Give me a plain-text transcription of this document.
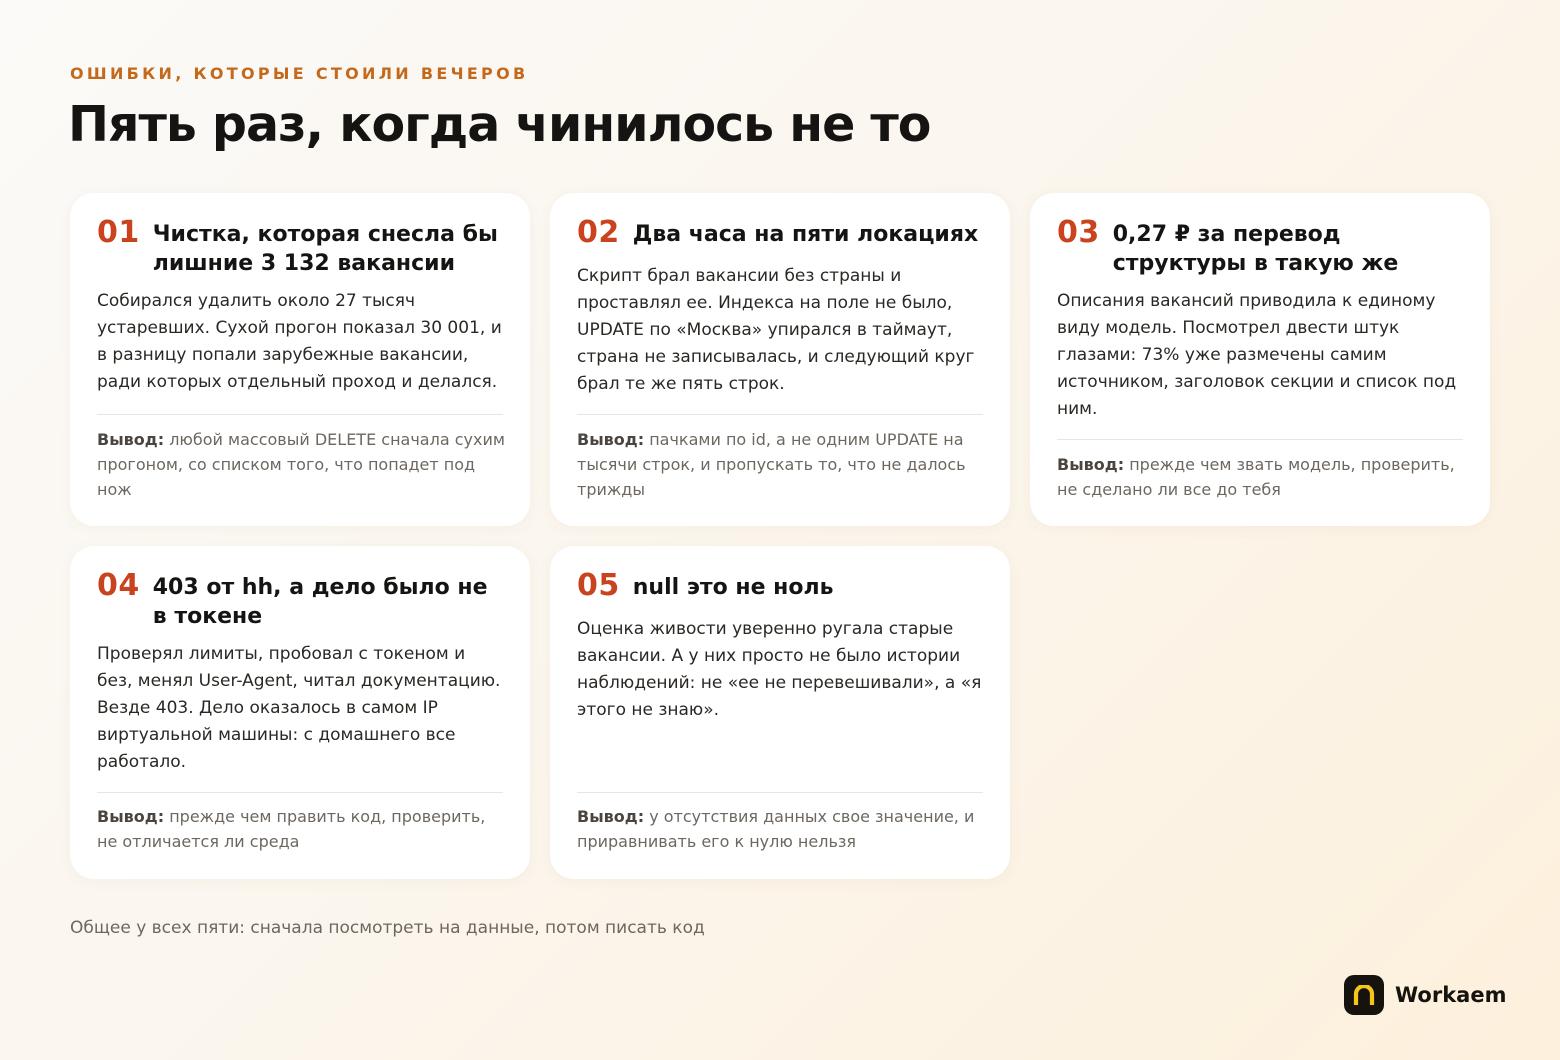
ОШИБКИ, КОТОРЫЕ СТОИЛИ ВЕЧЕРОВ
Пять раз, когда чинилось не то
01 Чистка, которая снесла бы лишние 3 132 вакансии
Собирался удалить около 27 тысяч устаревших. Сухой прогон показал 30 001, и в разницу попали зарубежные вакансии, ради которых отдельный проход и делался.
Вывод: любой массовый DELETE сначала сухим прогоном, со списком того, что попадет под нож
02 Два часа на пяти локациях
Скрипт брал вакансии без страны и проставлял ее. Индекса на поле не было, UPDATE по «Москва» упирался в таймаут, страна не записывалась, и следующий круг брал те же пять строк.
Вывод: пачками по id, а не одним UPDATE на тысячи строк, и пропускать то, что не далось трижды
03 0,27 ₽ за перевод структуры в такую же
Описания вакансий приводила к единому виду модель. Посмотрел двести штук глазами: 73% уже размечены самим источником, заголовок секции и список под ним.
Вывод: прежде чем звать модель, проверить, не сделано ли все до тебя
04 403 от hh, а дело было не в токене
Проверял лимиты, пробовал с токеном и без, менял User-Agent, читал документацию. Везде 403. Дело оказалось в самом IP виртуальной машины: с домашнего все работало.
Вывод: прежде чем править код, проверить, не отличается ли среда
05 null это не ноль
Оценка живости уверенно ругала старые вакансии. А у них просто не было истории наблюдений: не «ее не перевешивали», а «я этого не знаю».
Вывод: у отсутствия данных свое значение, и приравнивать его к нулю нельзя
Общее у всех пяти: сначала посмотреть на данные, потом писать код
Workaem
